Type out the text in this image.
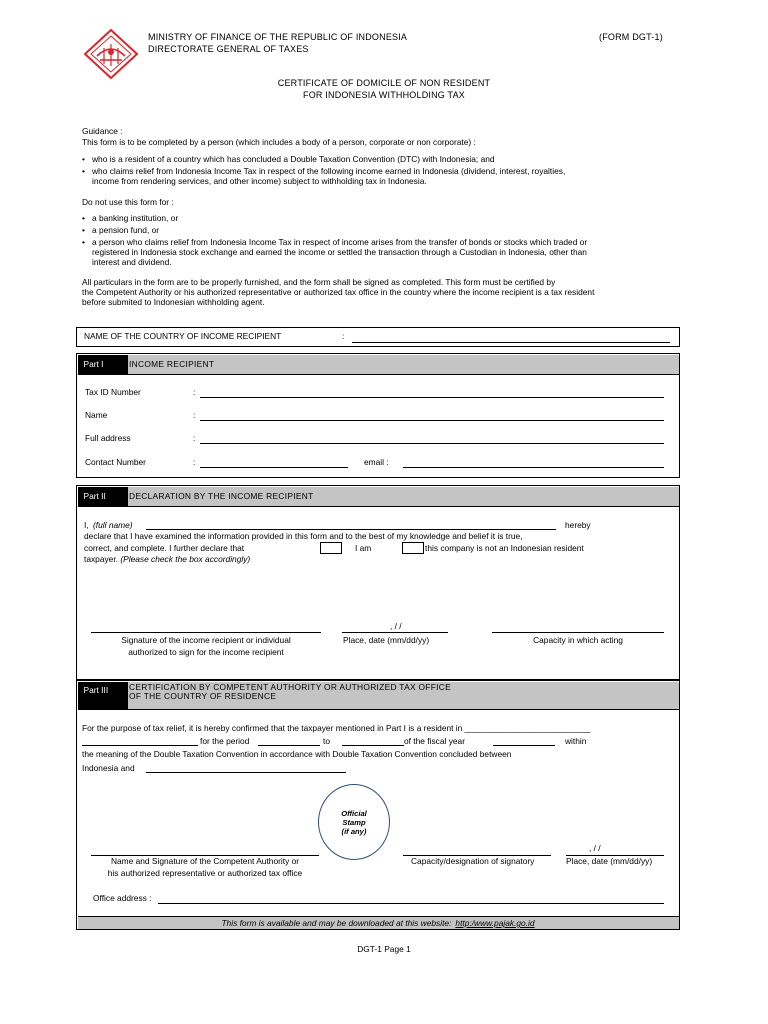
MINISTRY OF FINANCE OF THE REPUBLIC OF INDONESIA
DIRECTORATE GENERAL OF TAXES
(FORM DGT-1)
CERTIFICATE OF DOMICILE OF NON RESIDENT
FOR INDONESIA WITHHOLDING TAX
Guidance :
This form is to be completed by a person (which includes a body of a person, corporate or non corporate) :
• who is a resident of a country which has concluded a Double Taxation Convention (DTC) with Indonesia; and
• who claims relief from Indonesia Income Tax in respect of the following income earned in Indonesia (dividend, interest, royalties,
income from rendering services, and other income) subject to withholding tax in Indonesia.
Do not use this form for :
• a banking institution, or
• a pension fund, or
• a person who claims relief from Indonesia Income Tax in respect of income arises from the transfer of bonds or stocks which traded or
registered in Indonesia stock exchange and earned the income or settled the transaction through a Custodian in Indonesia, other than
interest and dividend.
All particulars in the form are to be properly furnished, and the form shall be signed as completed. This form must be certified by
the Competent Authority or his authorized representative or authorized tax office in the country where the income recipient is a tax resident
before submited to Indonesian withholding agent.
NAME OF THE COUNTRY OF INCOME RECIPIENT	:
Part I	INCOME RECIPIENT
Tax ID Number	:
Name	:
Full address	:
Contact Number	:	email :
Part II	DECLARATION BY THE INCOME RECIPIENT
I, (full name)	hereby
declare that I have examined the information provided in this form and to the best of my knowledge and belief it is true,
correct, and complete. I further declare that	I am	this company is not an Indonesian resident
taxpayer. (Please check the box accordingly)
, / /
Signature of the income recipient or individual
authorized to sign for the income recipient
Place, date (mm/dd/yy)	Capacity in which acting
Part III	CERTIFICATION BY COMPETENT AUTHORITY OR AUTHORIZED TAX OFFICE
OF THE COUNTRY OF RESIDENCE
For the purpose of tax relief, it is hereby confirmed that the taxpayer mentioned in Part I is a resident in ___________________________
for the period	to	of the fiscal year	within
the meaning of the Double Taxation Convention in accordance with Double Taxation Convention concluded between
Indonesia and
Official
Stamp
(if any)
, / /
Name and Signature of the Competent Authority or
his authorized representative or authorized tax office
Capacity/designation of signatory	Place, date (mm/dd/yy)
Office address :
This form is available and may be downloaded at this website: http:/www.pajak.go.id
DGT-1 Page 1
